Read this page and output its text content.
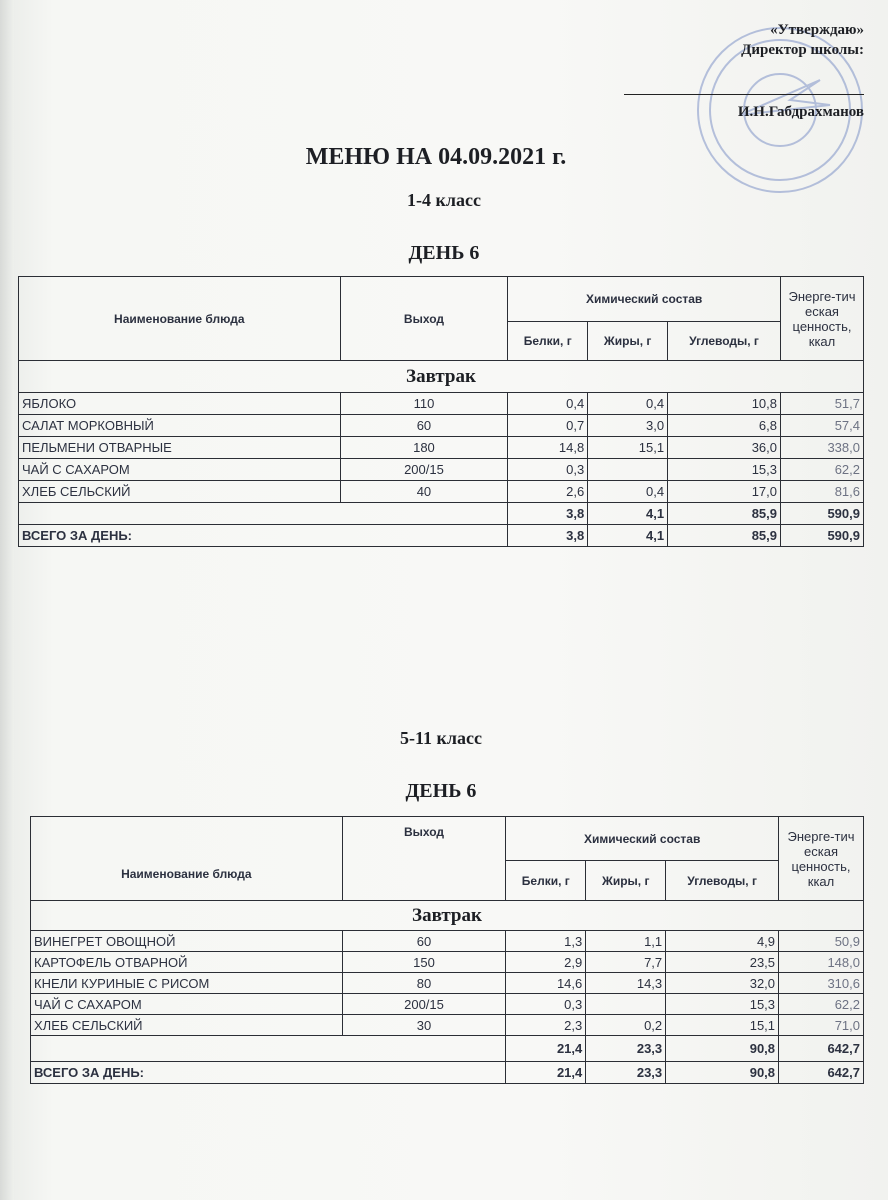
«Утверждаю»
Директор школы:
И.Н.Габдрахманов
МЕНЮ НА 04.09.2021 г.
1-4 класс
ДЕНЬ 6
Наименование блюда	Выход	Химический состав			Энерге-тич еская ценность, ккал
		Белки, г	Жиры, г	Углеводы, г	
Завтрак					
ЯБЛОКО	110	0,4	0,4	10,8	51,7
САЛАТ МОРКОВНЫЙ	60	0,7	3,0	6,8	57,4
ПЕЛЬМЕНИ ОТВАРНЫЕ	180	14,8	15,1	36,0	338,0
ЧАЙ С САХАРОМ	200/15	0,3		15,3	62,2
ХЛЕБ СЕЛЬСКИЙ	40	2,6	0,4	17,0	81,6
		3,8	4,1	85,9	590,9
ВСЕГО ЗА ДЕНЬ:		3,8	4,1	85,9	590,9
5-11 класс
ДЕНЬ 6
Наименование блюда	Выход	Химический состав			Энерге-тич еская ценность, ккал
		Белки, г	Жиры, г	Углеводы, г	
Завтрак					
ВИНЕГРЕТ ОВОЩНОЙ	60	1,3	1,1	4,9	50,9
КАРТОФЕЛЬ ОТВАРНОЙ	150	2,9	7,7	23,5	148,0
КНЕЛИ КУРИНЫЕ С РИСОМ	80	14,6	14,3	32,0	310,6
ЧАЙ С САХАРОМ	200/15	0,3		15,3	62,2
ХЛЕБ СЕЛЬСКИЙ	30	2,3	0,2	15,1	71,0
		21,4	23,3	90,8	642,7
ВСЕГО ЗА ДЕНЬ:		21,4	23,3	90,8	642,7
